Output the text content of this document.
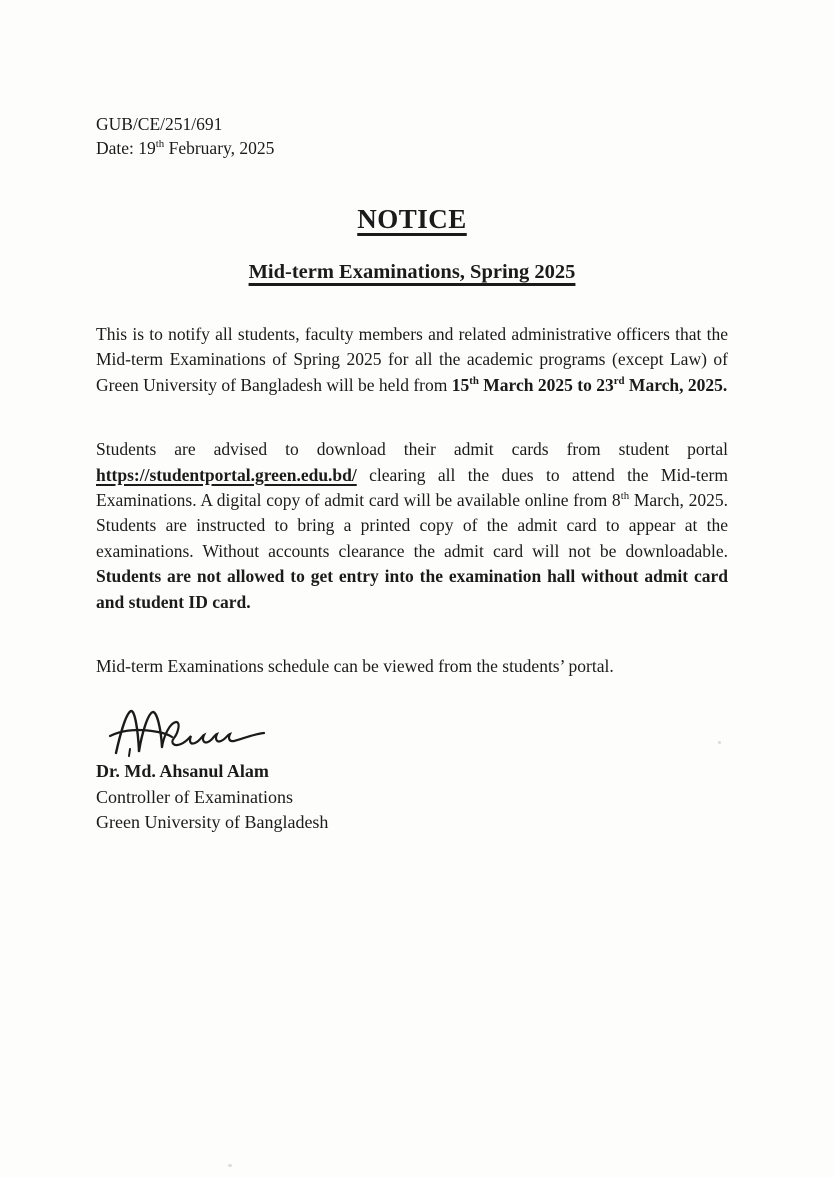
GUB/CE/251/691
Date: 19th February, 2025
NOTICE
Mid-term Examinations, Spring 2025
This is to notify all students, faculty members and related administrative officers that the Mid-term Examinations of Spring 2025 for all the academic programs (except Law) of Green University of Bangladesh will be held from 15th March 2025 to 23rd March, 2025.
Students are advised to download their admit cards from student portal https://studentportal.green.edu.bd/ clearing all the dues to attend the Mid-term Examinations. A digital copy of admit card will be available online from 8th March, 2025. Students are instructed to bring a printed copy of the admit card to appear at the examinations. Without accounts clearance the admit card will not be downloadable. Students are not allowed to get entry into the examination hall without admit card and student ID card.
Mid-term Examinations schedule can be viewed from the students’ portal.
Dr. Md. Ahsanul Alam
Controller of Examinations
Green University of Bangladesh
